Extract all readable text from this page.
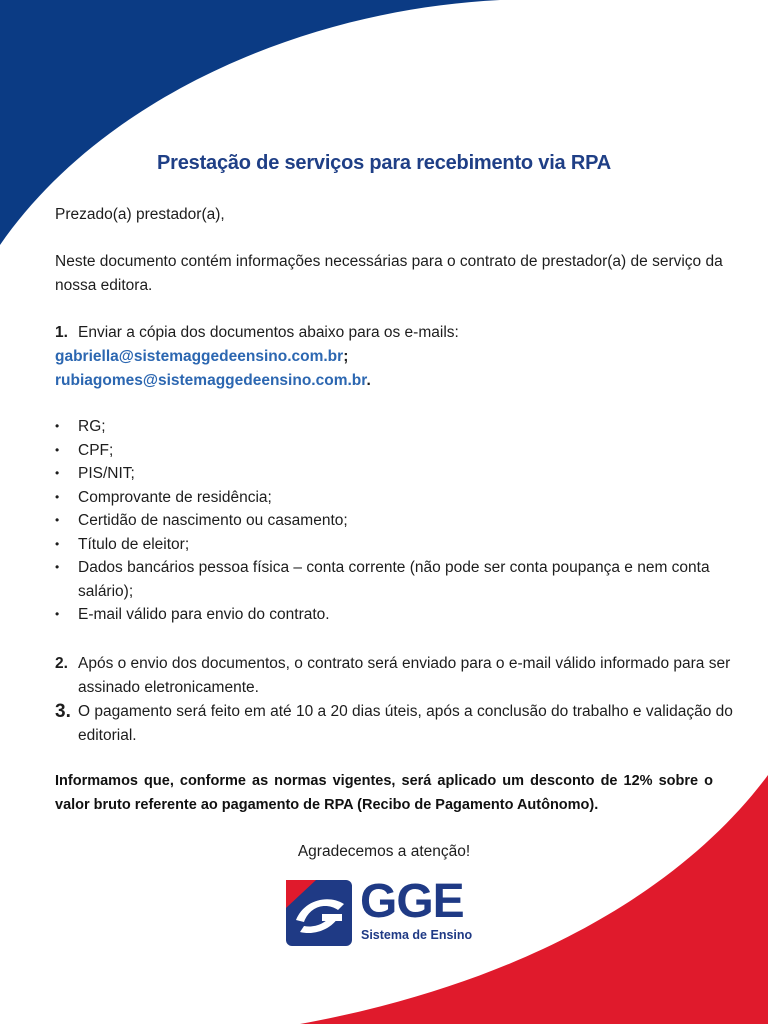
Prestação de serviços para recebimento via RPA
Prezado(a) prestador(a),
Neste documento contém informações necessárias para o contrato de prestador(a) de serviço da nossa editora.
1. Enviar a cópia dos documentos abaixo para os e-mails:
gabriella@sistemaggedeensino.com.br;
rubiagomes@sistemaggedeensino.com.br.
• RG;
• CPF;
• PIS/NIT;
• Comprovante de residência;
• Certidão de nascimento ou casamento;
• Título de eleitor;
• Dados bancários pessoa física – conta corrente (não pode ser conta poupança e nem conta salário);
• E-mail válido para envio do contrato.
2. Após o envio dos documentos, o contrato será enviado para o e-mail válido informado para ser assinado eletronicamente.
3. O pagamento será feito em até 10 a 20 dias úteis, após a conclusão do trabalho e validação do editorial.
Informamos que, conforme as normas vigentes, será aplicado um desconto de 12% sobre o valor bruto referente ao pagamento de RPA (Recibo de Pagamento Autônomo).
Agradecemos a atenção!
GGE
Sistema de Ensino
